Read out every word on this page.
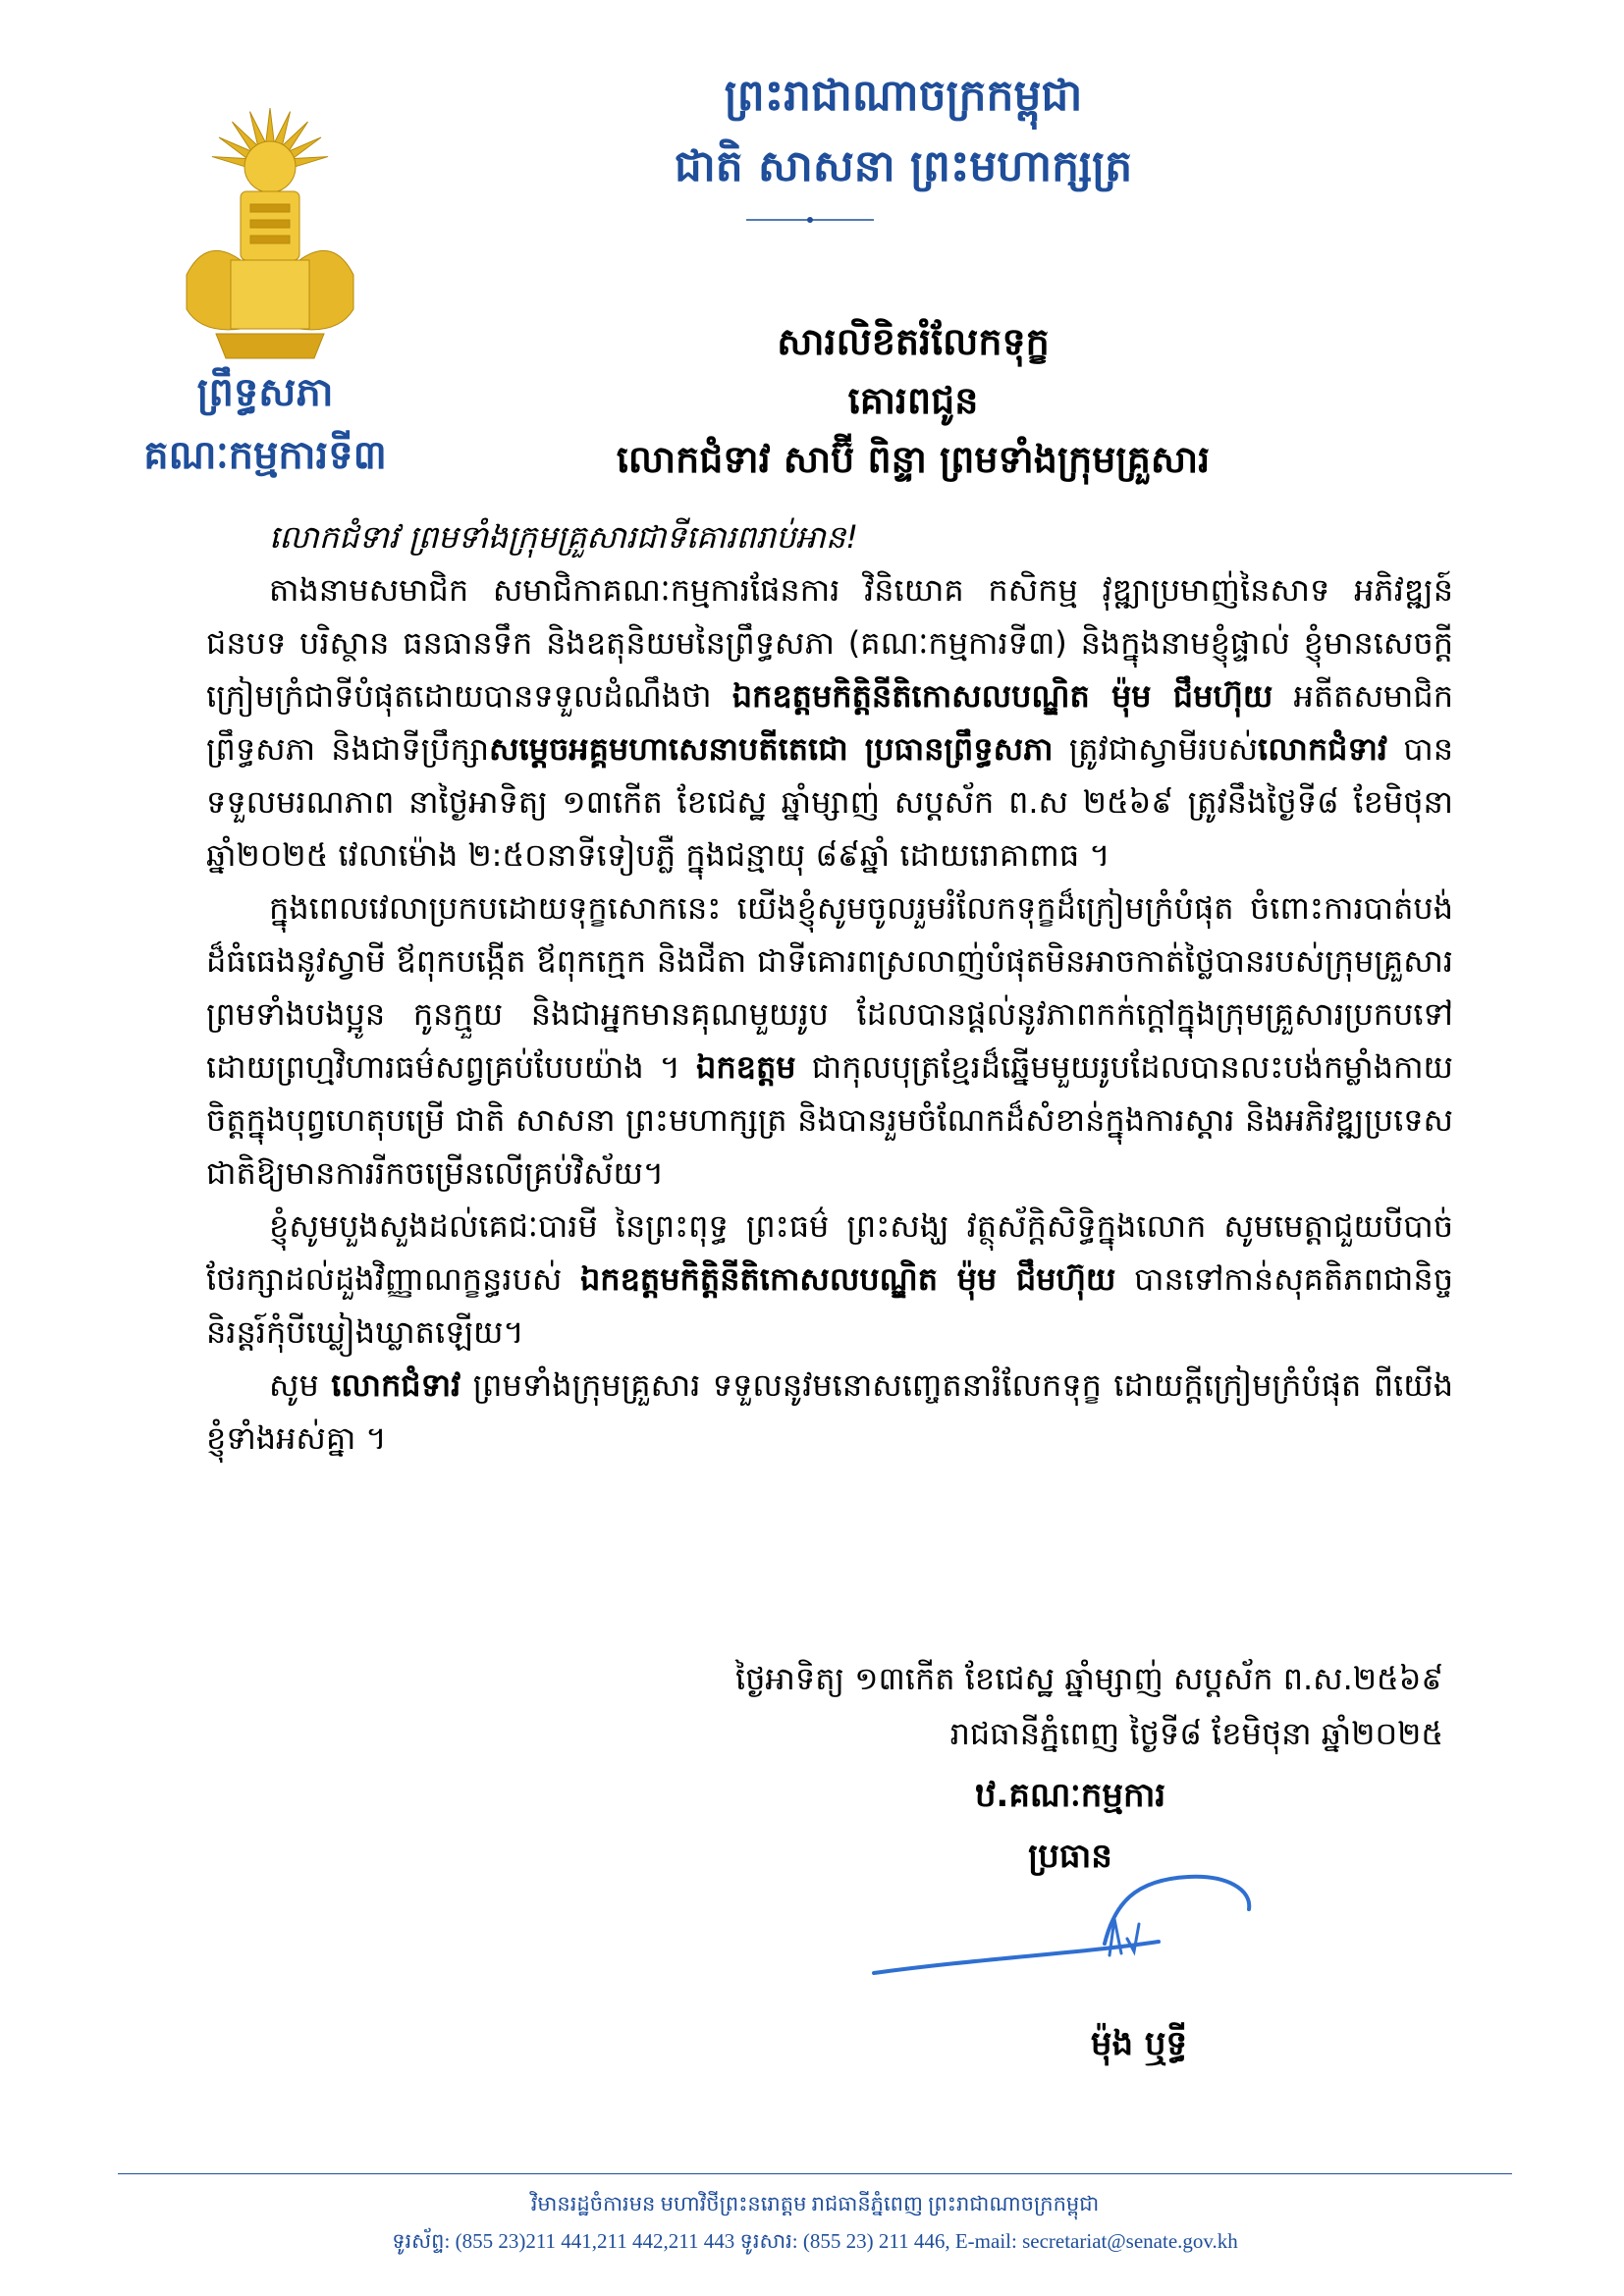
ព្រឹទ្ធសភា
គណៈកម្មការទី៣
ព្រះរាជាណាចក្រកម្ពុជា
ជាតិ សាសនា ព្រះមហាក្សត្រ
សារលិខិតរំលែកទុក្ខ
គោរពជូន
លោកជំទាវ សាប៊ី ពិន្ទា ព្រមទាំងក្រុមគ្រួសារ

លោកជំទាវ ព្រមទាំងក្រុមគ្រួសារជាទីគោរពរាប់អាន!

តាងនាមសមាជិក សមាជិកាគណៈកម្មការផែនការ វិនិយោគ កសិកម្ម វុឌ្ឍាប្រមាញ់នៃសាទ អភិវឌ្ឍន៍ជនបទ បរិស្ថាន ធនធានទឹក និងឧតុនិយមនៃព្រឹទ្ធសភា (គណៈកម្មការទី៣) និងក្នុងនាមខ្ញុំផ្ទាល់ ខ្ញុំមានសេចក្តីក្រៀមក្រំជាទីបំផុតដោយបានទទួលដំណឹងថា ឯកឧត្តមកិត្តិនីតិកោសលបណ្ឌិត ម៉ុម ជឹមហ៊ុយ អតីតសមាជិកព្រឹទ្ធសភា និងជាទីប្រឹក្សាសម្តេចអគ្គមហាសេនាបតីតេជោ ប្រធានព្រឹទ្ធសភា ត្រូវជាស្វាមីរបស់លោកជំទាវ បានទទួលមរណភាព នាថ្ងៃអាទិត្យ ១៣កើត ខែជេស្ឋ ឆ្នាំម្សាញ់ សប្តស័ក ព.ស ២៥៦៩ ត្រូវនឹងថ្ងៃទី៨ ខែមិថុនា ឆ្នាំ២០២៥ វេលាម៉ោង ២:៥០នាទីទៀបភ្លឺ ក្នុងជន្មាយុ ៨៩ឆ្នាំ ដោយរោគាពាធ ។

ក្នុងពេលវេលាប្រកបដោយទុក្ខសោកនេះ យើងខ្ញុំសូមចូលរួមរំលែកទុក្ខដ៏ក្រៀមក្រំបំផុត ចំពោះការបាត់បង់ដ៏ធំធេងនូវស្វាមី ឪពុកបង្កើត ឪពុកក្មេក និងជីតា ជាទីគោរពស្រលាញ់បំផុតមិនអាចកាត់ថ្លៃបានរបស់ក្រុមគ្រួសារ ព្រមទាំងបងប្អូន កូនក្មួយ និងជាអ្នកមានគុណមួយរូប ដែលបានផ្តល់នូវភាពកក់ក្តៅក្នុងក្រុមគ្រួសារប្រកបទៅដោយព្រហ្មវិហារធម៌សព្វគ្រប់បែបយ៉ាង ។ ឯកឧត្តម ជាកុលបុត្រខ្មែរដ៏ឆ្នើមមួយរូបដែលបានលះបង់កម្លាំងកាយចិត្តក្នុងបុព្វហេតុបម្រើ ជាតិ សាសនា ព្រះមហាក្សត្រ និងបានរួមចំណែកដ៏សំខាន់ក្នុងការស្តារ និងអភិវឌ្ឍប្រទេសជាតិឱ្យមានការរីកចម្រើនលើគ្រប់វិស័យ។

ខ្ញុំសូមបួងសួងដល់គេជៈបារមី នៃព្រះពុទ្ធ ព្រះធម៌ ព្រះសង្ឃ វត្ថុស័ក្តិសិទ្ធិក្នុងលោក សូមមេត្តាជួយបីបាច់ថែរក្សាដល់ដួងវិញ្ញាណក្ខន្ធរបស់ ឯកឧត្តមកិត្តិនីតិកោសលបណ្ឌិត ម៉ុម ជឹមហ៊ុយ បានទៅកាន់សុគតិភពជានិច្ចនិរន្តរ៍កុំបីឃ្លៀងឃ្លាតឡើយ។

សូម លោកជំទាវ ព្រមទាំងក្រុមគ្រួសារ ទទួលនូវមនោសញ្ចេតនារំលែកទុក្ខ ដោយក្តីក្រៀមក្រំបំផុត ពីយើងខ្ញុំទាំងអស់គ្នា ។

ថ្ងៃអាទិត្យ ១៣កើត ខែជេស្ឋ ឆ្នាំម្សាញ់ សប្តស័ក ព.ស.២៥៦៩
រាជធានីភ្នំពេញ ថ្ងៃទី៨ ខែមិថុនា ឆ្នាំ២០២៥
ឋ.គណៈកម្មការ
ប្រធាន
ម៉ុង ឬទ្ធី
វិមានរដ្ឋចំការមន មហាវិថីព្រះនរោត្តម រាជធានីភ្នំពេញ ព្រះរាជាណាចក្រកម្ពុជា
ទូរស័ព្ទ: (855 23)211 441,211 442,211 443 ទូរសារ: (855 23) 211 446, E-mail: secretariat@senate.gov.kh
